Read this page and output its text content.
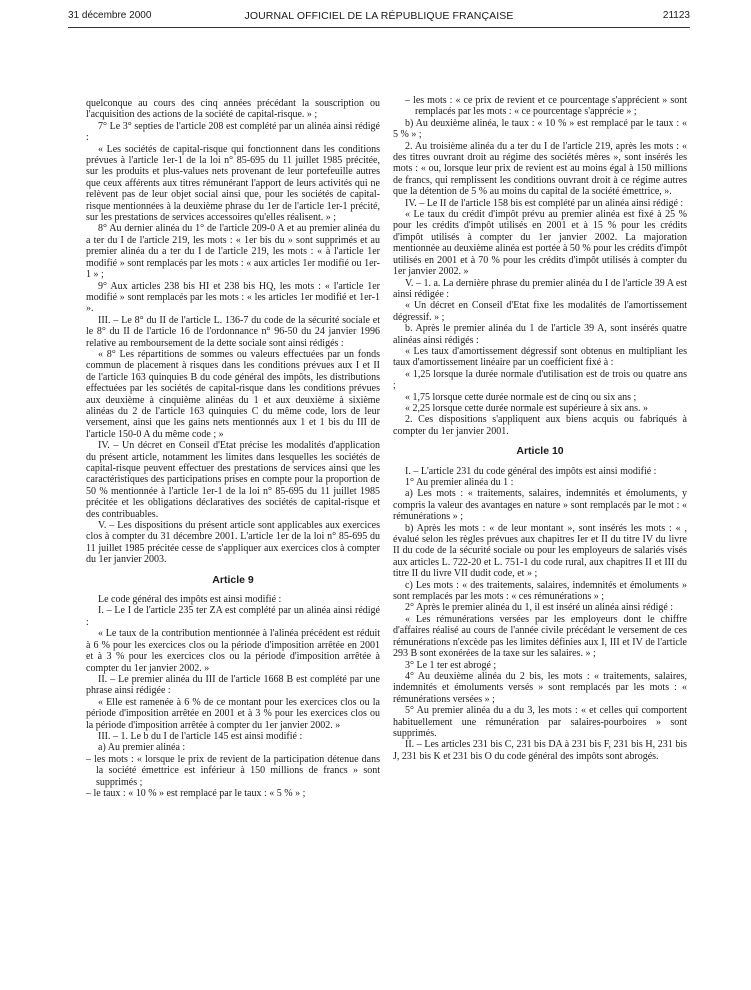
31 décembre 2000	JOURNAL OFFICIEL DE LA RÉPUBLIQUE FRANÇAISE	21123

quelconque au cours des cinq années précédant la souscription ou l'acquisition des actions de la société de capital-risque. » ;

7° Le 3° septies de l'article 208 est complété par un alinéa ainsi rédigé :

« Les sociétés de capital-risque qui fonctionnent dans les conditions prévues à l'article 1er-1 de la loi n° 85-695 du 11 juillet 1985 précitée, sur les produits et plus-values nets provenant de leur portefeuille autres que ceux afférents aux titres rémunérant l'apport de leurs activités qui ne relèvent pas de leur objet social ainsi que, pour les sociétés de capital-risque mentionnées à la deuxième phrase du 1er de l'article 1er-1 précité, sur les prestations de services accessoires qu'elles réalisent. » ;

8° Au dernier alinéa du 1° de l'article 209-0 A et au premier alinéa du a ter du I de l'article 219, les mots : « 1er bis du » sont supprimés et au premier alinéa du a ter du I de l'article 219, les mots : « à l'article 1er modifié » sont remplacés par les mots : « aux articles 1er modifié ou 1er-1 » ;

9° Aux articles 238 bis HI et 238 bis HQ, les mots : « l'article 1er modifié » sont remplacés par les mots : « les articles 1er modifié et 1er-1 ».

III. – Le 8° du II de l'article L. 136-7 du code de la sécurité sociale et le 8° du II de l'article 16 de l'ordonnance n° 96-50 du 24 janvier 1996 relative au remboursement de la dette sociale sont ainsi rédigés :

« 8° Les répartitions de sommes ou valeurs effectuées par un fonds commun de placement à risques dans les conditions prévues aux I et II de l'article 163 quinquies B du code général des impôts, les distributions effectuées par les sociétés de capital-risque dans les conditions prévues aux deuxième à cinquième alinéas du 1 et aux deuxième à sixième alinéas du 2 de l'article 163 quinquies C du même code, lors de leur versement, ainsi que les gains nets mentionnés aux 1 et 1 bis du III de l'article 150-0 A du même code ; »

IV. – Un décret en Conseil d'Etat précise les modalités d'application du présent article, notamment les limites dans lesquelles les sociétés de capital-risque peuvent effectuer des prestations de services ainsi que les caractéristiques des participations prises en compte pour la proportion de 50 % mentionnée à l'article 1er-1 de la loi n° 85-695 du 11 juillet 1985 précitée et les obligations déclaratives des sociétés de capital-risque et des contribuables.

V. – Les dispositions du présent article sont applicables aux exercices clos à compter du 31 décembre 2001. L'article 1er de la loi n° 85-695 du 11 juillet 1985 précitée cesse de s'appliquer aux exercices clos à compter du 1er janvier 2003.

Article 9

Le code général des impôts est ainsi modifié :

I. – Le I de l'article 235 ter ZA est complété par un alinéa ainsi rédigé :

« Le taux de la contribution mentionnée à l'alinéa précédent est réduit à 6 % pour les exercices clos ou la période d'imposition arrêtée en 2001 et à 3 % pour les exercices clos ou la période d'imposition arrêtée à compter du 1er janvier 2002. »

II. – Le premier alinéa du III de l'article 1668 B est complété par une phrase ainsi rédigée :

« Elle est ramenée à 6 % de ce montant pour les exercices clos ou la période d'imposition arrêtée en 2001 et à 3 % pour les exercices clos ou la période d'imposition arrêtée à compter du 1er janvier 2002. »

III. – 1. Le b du I de l'article 145 est ainsi modifié :

a) Au premier alinéa :

– les mots : « lorsque le prix de revient de la participation détenue dans la société émettrice est inférieur à 150 millions de francs » sont supprimés ;

– le taux : « 10 % » est remplacé par le taux : « 5 % » ;

– les mots : « ce prix de revient et ce pourcentage s'apprécient » sont remplacés par les mots : « ce pourcentage s'apprécie » ;

b) Au deuxième alinéa, le taux : « 10 % » est remplacé par le taux : « 5 % » ;

2. Au troisième alinéa du a ter du I de l'article 219, après les mots : « des titres ouvrant droit au régime des sociétés mères », sont insérés les mots : « ou, lorsque leur prix de revient est au moins égal à 150 millions de francs, qui remplissent les conditions ouvrant droit à ce régime autres que la détention de 5 % au moins du capital de la société émettrice, ».

IV. – Le II de l'article 158 bis est complété par un alinéa ainsi rédigé :

« Le taux du crédit d'impôt prévu au premier alinéa est fixé à 25 % pour les crédits d'impôt utilisés en 2001 et à 15 % pour les crédits d'impôt utilisés à compter du 1er janvier 2002. La majoration mentionnée au deuxième alinéa est portée à 50 % pour les crédits d'impôt utilisés en 2001 et à 70 % pour les crédits d'impôt utilisés à compter du 1er janvier 2002. »

V. – 1. a. La dernière phrase du premier alinéa du I de l'article 39 A est ainsi rédigée :

« Un décret en Conseil d'Etat fixe les modalités de l'amortissement dégressif. » ;

b. Après le premier alinéa du 1 de l'article 39 A, sont insérés quatre alinéas ainsi rédigés :

« Les taux d'amortissement dégressif sont obtenus en multipliant les taux d'amortissement linéaire par un coefficient fixé à :

« 1,25 lorsque la durée normale d'utilisation est de trois ou quatre ans ;

« 1,75 lorsque cette durée normale est de cinq ou six ans ;

« 2,25 lorsque cette durée normale est supérieure à six ans. »

2. Ces dispositions s'appliquent aux biens acquis ou fabriqués à compter du 1er janvier 2001.

Article 10

I. – L'article 231 du code général des impôts est ainsi modifié :

1° Au premier alinéa du 1 :

a) Les mots : « traitements, salaires, indemnités et émoluments, y compris la valeur des avantages en nature » sont remplacés par le mot : « rémunérations » ;

b) Après les mots : « de leur montant », sont insérés les mots : « , évalué selon les règles prévues aux chapitres Ier et II du titre IV du livre II du code de la sécurité sociale ou pour les employeurs de salariés visés aux articles L. 722-20 et L. 751-1 du code rural, aux chapitres II et III du titre II du livre VII dudit code, et » ;

c) Les mots : « des traitements, salaires, indemnités et émoluments » sont remplacés par les mots : « ces rémunérations » ;

2° Après le premier alinéa du 1, il est inséré un alinéa ainsi rédigé :

« Les rémunérations versées par les employeurs dont le chiffre d'affaires réalisé au cours de l'année civile précédant le versement de ces rémunérations n'excède pas les limites définies aux I, III et IV de l'article 293 B sont exonérées de la taxe sur les salaires. » ;

3° Le 1 ter est abrogé ;

4° Au deuxième alinéa du 2 bis, les mots : « traitements, salaires, indemnités et émoluments versés » sont remplacés par les mots : « rémunérations versées » ;

5° Au premier alinéa du a du 3, les mots : « et celles qui comportent habituellement une rémunération par salaires-pourboires » sont supprimés.

II. – Les articles 231 bis C, 231 bis DA à 231 bis F, 231 bis H, 231 bis J, 231 bis K et 231 bis O du code général des impôts sont abrogés.
